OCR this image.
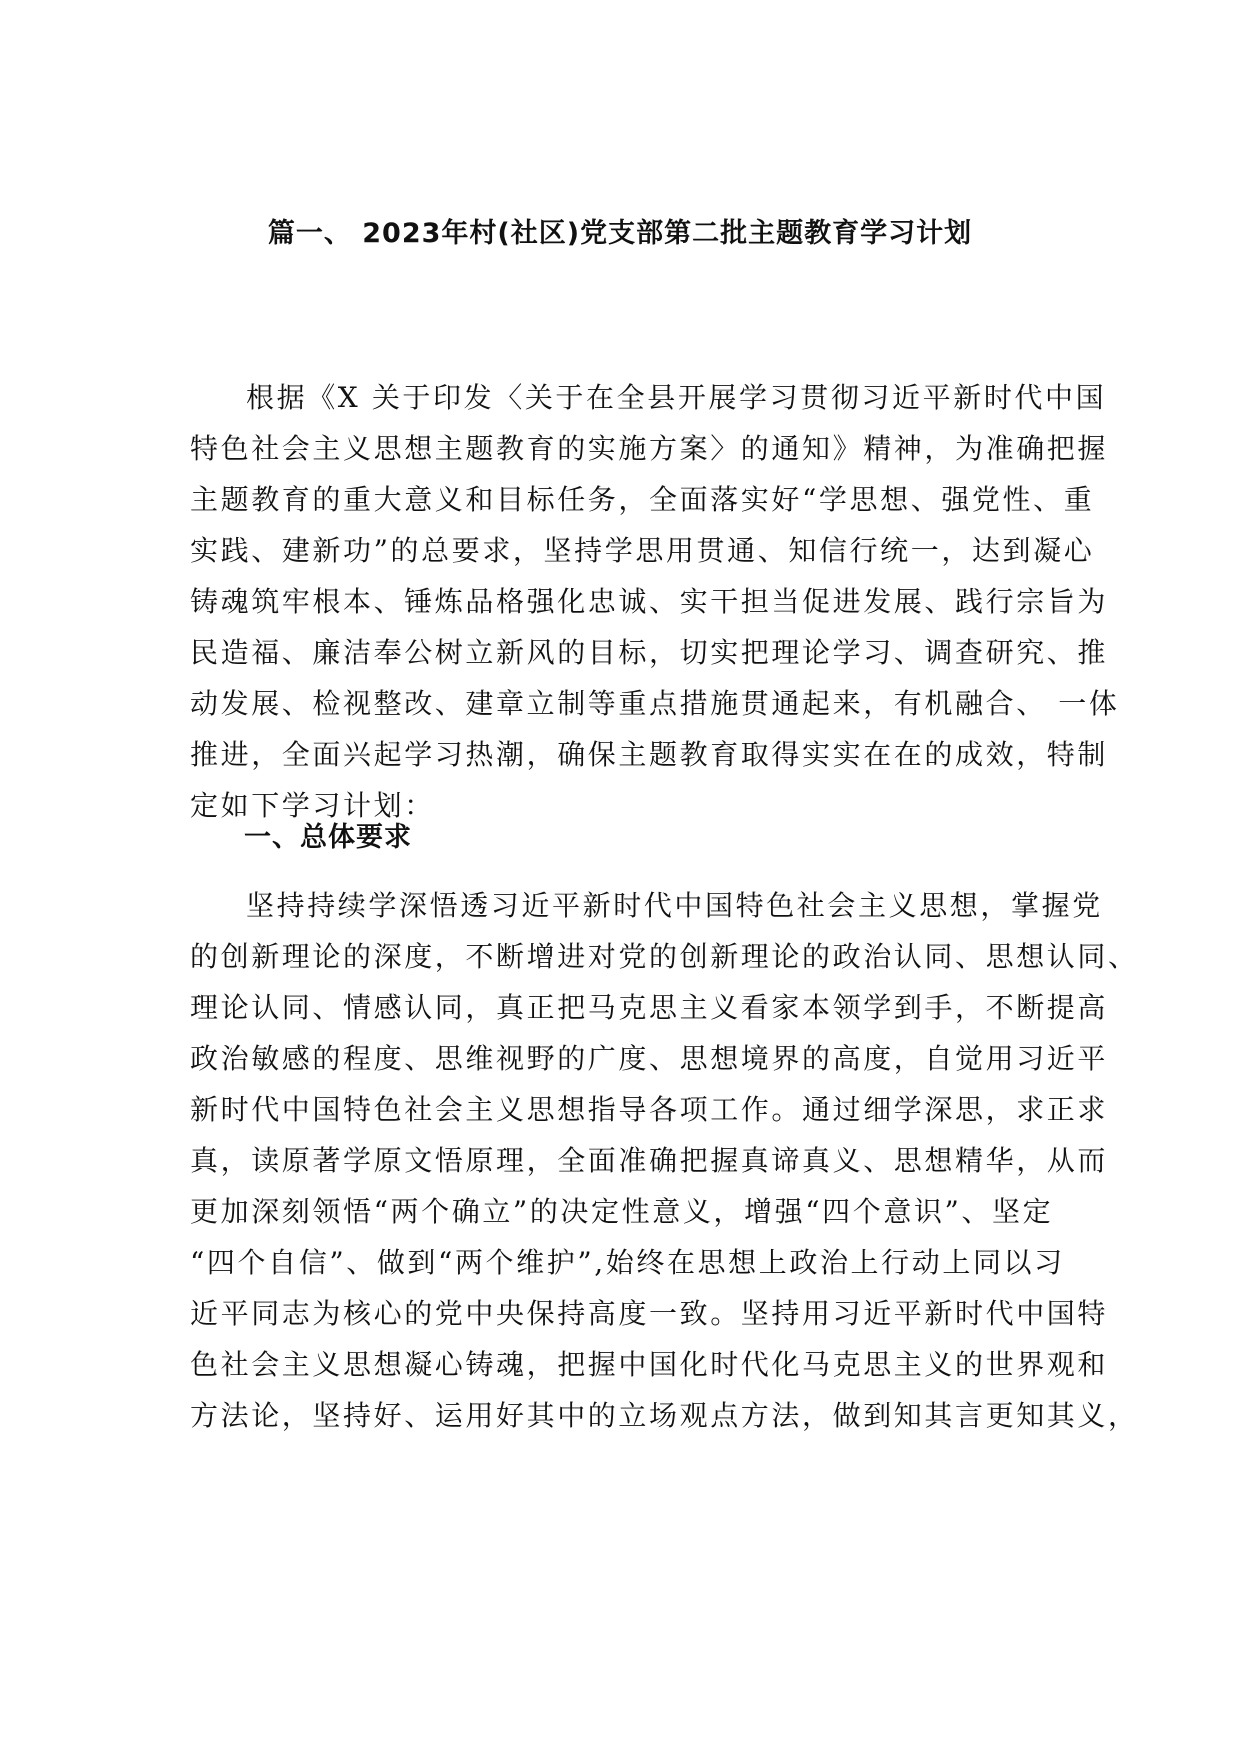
篇一、 2023年村(社区)党支部第二批主题教育学习计划
根据《X 关于印发〈关于在全县开展学习贯彻习近平新时代中国
特色社会主义思想主题教育的实施方案〉的通知》精神，为准确把握
主题教育的重大意义和目标任务，全面落实好“学思想、强党性、重
实践、建新功”的总要求，坚持学思用贯通、知信行统一，达到凝心
铸魂筑牢根本、锤炼品格强化忠诚、实干担当促进发展、践行宗旨为
民造福、廉洁奉公树立新风的目标，切实把理论学习、调查研究、推
动发展、检视整改、建章立制等重点措施贯通起来，有机融合、 一体
推进，全面兴起学习热潮，确保主题教育取得实实在在的成效，特制
定如下学习计划：
一、总体要求
坚持持续学深悟透习近平新时代中国特色社会主义思想，掌握党
的创新理论的深度，不断增进对党的创新理论的政治认同、思想认同、
理论认同、情感认同，真正把马克思主义看家本领学到手，不断提高
政治敏感的程度、思维视野的广度、思想境界的高度，自觉用习近平
新时代中国特色社会主义思想指导各项工作。通过细学深思，求正求
真，读原著学原文悟原理，全面准确把握真谛真义、思想精华，从而
更加深刻领悟“两个确立”的决定性意义，增强“四个意识”、坚定
“四个自信”、做到“两个维护”,始终在思想上政治上行动上同以习
近平同志为核心的党中央保持高度一致。坚持用习近平新时代中国特
色社会主义思想凝心铸魂，把握中国化时代化马克思主义的世界观和
方法论，坚持好、运用好其中的立场观点方法，做到知其言更知其义，
